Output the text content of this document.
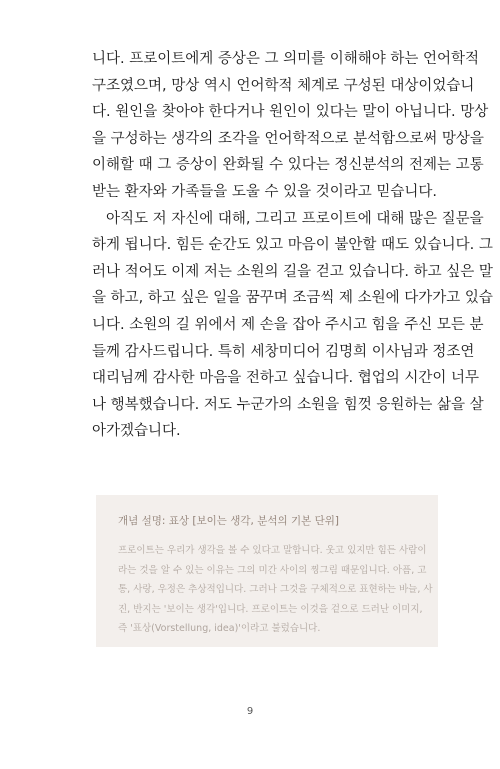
니다. 프로이트에게 증상은 그 의미를 이해해야 하는 언어학적
구조였으며, 망상 역시 언어학적 체계로 구성된 대상이었습니
다. 원인을 찾아야 한다거나 원인이 있다는 말이 아닙니다. 망상
을 구성하는 생각의 조각을 언어학적으로 분석함으로써 망상을
이해할 때 그 증상이 완화될 수 있다는 정신분석의 전제는 고통
받는 환자와 가족들을 도울 수 있을 것이라고 믿습니다.
아직도 저 자신에 대해, 그리고 프로이트에 대해 많은 질문을
하게 됩니다. 힘든 순간도 있고 마음이 불안할 때도 있습니다. 그
러나 적어도 이제 저는 소원의 길을 걷고 있습니다. 하고 싶은 말
을 하고, 하고 싶은 일을 꿈꾸며 조금씩 제 소원에 다가가고 있습
니다. 소원의 길 위에서 제 손을 잡아 주시고 힘을 주신 모든 분
들께 감사드립니다. 특히 세창미디어 김명희 이사님과 정조연
대리님께 감사한 마음을 전하고 싶습니다. 협업의 시간이 너무
나 행복했습니다. 저도 누군가의 소원을 힘껏 응원하는 삶을 살
아가겠습니다.
개념 설명: 표상 [보이는 생각, 분석의 기본 단위]
프로이트는 우리가 생각을 볼 수 있다고 말합니다. 웃고 있지만 힘든 사람이
라는 것을 알 수 있는 이유는 그의 미간 사이의 찡그림 때문입니다. 아픔, 고
통, 사랑, 우정은 추상적입니다. 그러나 그것을 구체적으로 표현하는 바늘, 사
진, 반지는 '보이는 생각'입니다. 프로이트는 이것을 겉으로 드러난 이미지,
즉 '표상(Vorstellung, idea)'이라고 불렀습니다.
9
